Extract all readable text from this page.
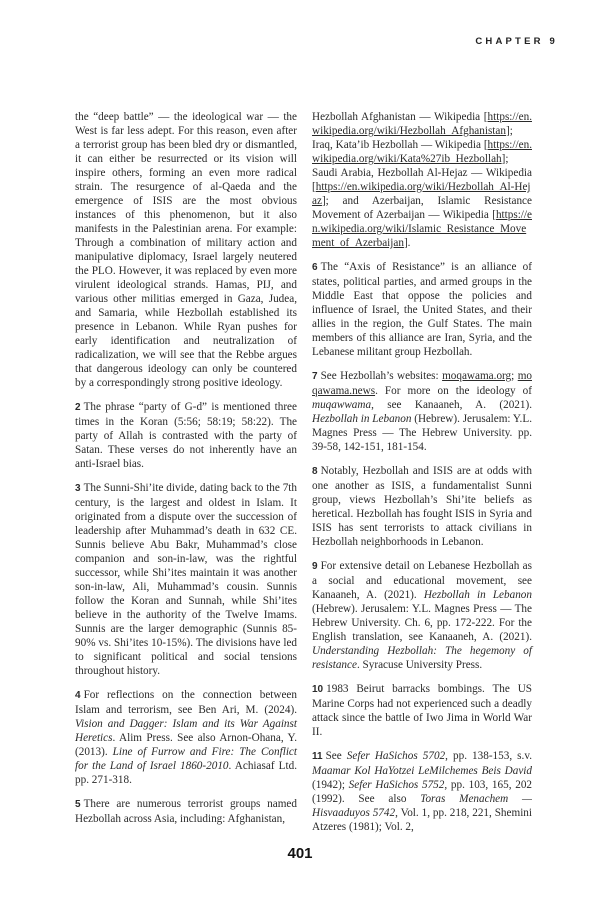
CHAPTER 9

the “deep battle” — the ideological war — the West is far less adept. For this reason, even after a terrorist group has been bled dry or dismantled, it can either be resurrected or its vision will inspire others, forming an even more radical strain. The resurgence of al-Qaeda and the emergence of ISIS are the most obvious instances of this phenomenon, but it also manifests in the Palestinian arena. For example: Through a combination of military action and manipulative diplomacy, Israel largely neutered the PLO. However, it was replaced by even more virulent ideological strands. Hamas, PIJ, and various other militias emerged in Gaza, Judea, and Samaria, while Hezbollah established its presence in Lebanon. While Ryan pushes for early identification and neutralization of radicalization, we will see that the Rebbe argues that dangerous ideology can only be countered by a correspondingly strong positive ideology.

2 The phrase “party of G-d” is mentioned three times in the Koran (5:56; 58:19; 58:22). The party of Allah is contrasted with the party of Satan. These verses do not inherently have an anti-Israel bias.

3 The Sunni-Shi’ite divide, dating back to the 7th century, is the largest and oldest in Islam. It originated from a dispute over the succession of leadership after Muhammad’s death in 632 CE. Sunnis believe Abu Bakr, Muhammad’s close companion and son-in-law, was the rightful successor, while Shi’ites maintain it was another son-in-law, Ali, Muhammad’s cousin. Sunnis follow the Koran and Sunnah, while Shi’ites believe in the authority of the Twelve Imams. Sunnis are the larger demographic (Sunnis 85-90% vs. Shi’ites 10-15%). The divisions have led to significant political and social tensions throughout history.

4 For reflections on the connection between Islam and terrorism, see Ben Ari, M. (2024). Vision and Dagger: Islam and its War Against Heretics. Alim Press. See also Arnon-Ohana, Y. (2013). Line of Furrow and Fire: The Conflict for the Land of Israel 1860-2010. Achiasaf Ltd. pp. 271-318.

5 There are numerous terrorist groups named Hezbollah across Asia, including: Afghanistan,

Hezbollah Afghanistan — Wikipedia [https://en.wikipedia.org/wiki/Hezbollah_Afghanistan]; Iraq, Kata’ib Hezbollah — Wikipedia [https://en.wikipedia.org/wiki/Kata%27ib_Hezbollah]; Saudi Arabia, Hezbollah Al-Hejaz — Wikipedia [https://en.wikipedia.org/wiki/Hezbollah_Al-Hejaz]; and Azerbaijan, Islamic Resistance Movement of Azerbaijan — Wikipedia [https://en.wikipedia.org/wiki/Islamic_Resistance_Movement_of_Azerbaijan].

6 The “Axis of Resistance” is an alliance of states, political parties, and armed groups in the Middle East that oppose the policies and influence of Israel, the United States, and their allies in the region, the Gulf States. The main members of this alliance are Iran, Syria, and the Lebanese militant group Hezbollah.

7 See Hezbollah’s websites: moqawama.org; moqawama.news. For more on the ideology of muqawwama, see Kanaaneh, A. (2021). Hezbollah in Lebanon (Hebrew). Jerusalem: Y.L. Magnes Press — The Hebrew University. pp. 39-58, 142-151, 181-154.

8 Notably, Hezbollah and ISIS are at odds with one another as ISIS, a fundamentalist Sunni group, views Hezbollah’s Shi’ite beliefs as heretical. Hezbollah has fought ISIS in Syria and ISIS has sent terrorists to attack civilians in Hezbollah neighborhoods in Lebanon.

9 For extensive detail on Lebanese Hezbollah as a social and educational movement, see Kanaaneh, A. (2021). Hezbollah in Lebanon (Hebrew). Jerusalem: Y.L. Magnes Press — The Hebrew University. Ch. 6, pp. 172-222. For the English translation, see Kanaaneh, A. (2021). Understanding Hezbollah: The hegemony of resistance. Syracuse University Press.

10 1983 Beirut barracks bombings. The US Marine Corps had not experienced such a deadly attack since the battle of Iwo Jima in World War II.

11 See Sefer HaSichos 5702, pp. 138-153, s.v. Maamar Kol HaYotzei LeMilchemes Beis David (1942); Sefer HaSichos 5752, pp. 103, 165, 202 (1992). See also Toras Menachem — Hisvaaduyos 5742, Vol. 1, pp. 218, 221, Shemini Atzeres (1981); Vol. 2,

401
